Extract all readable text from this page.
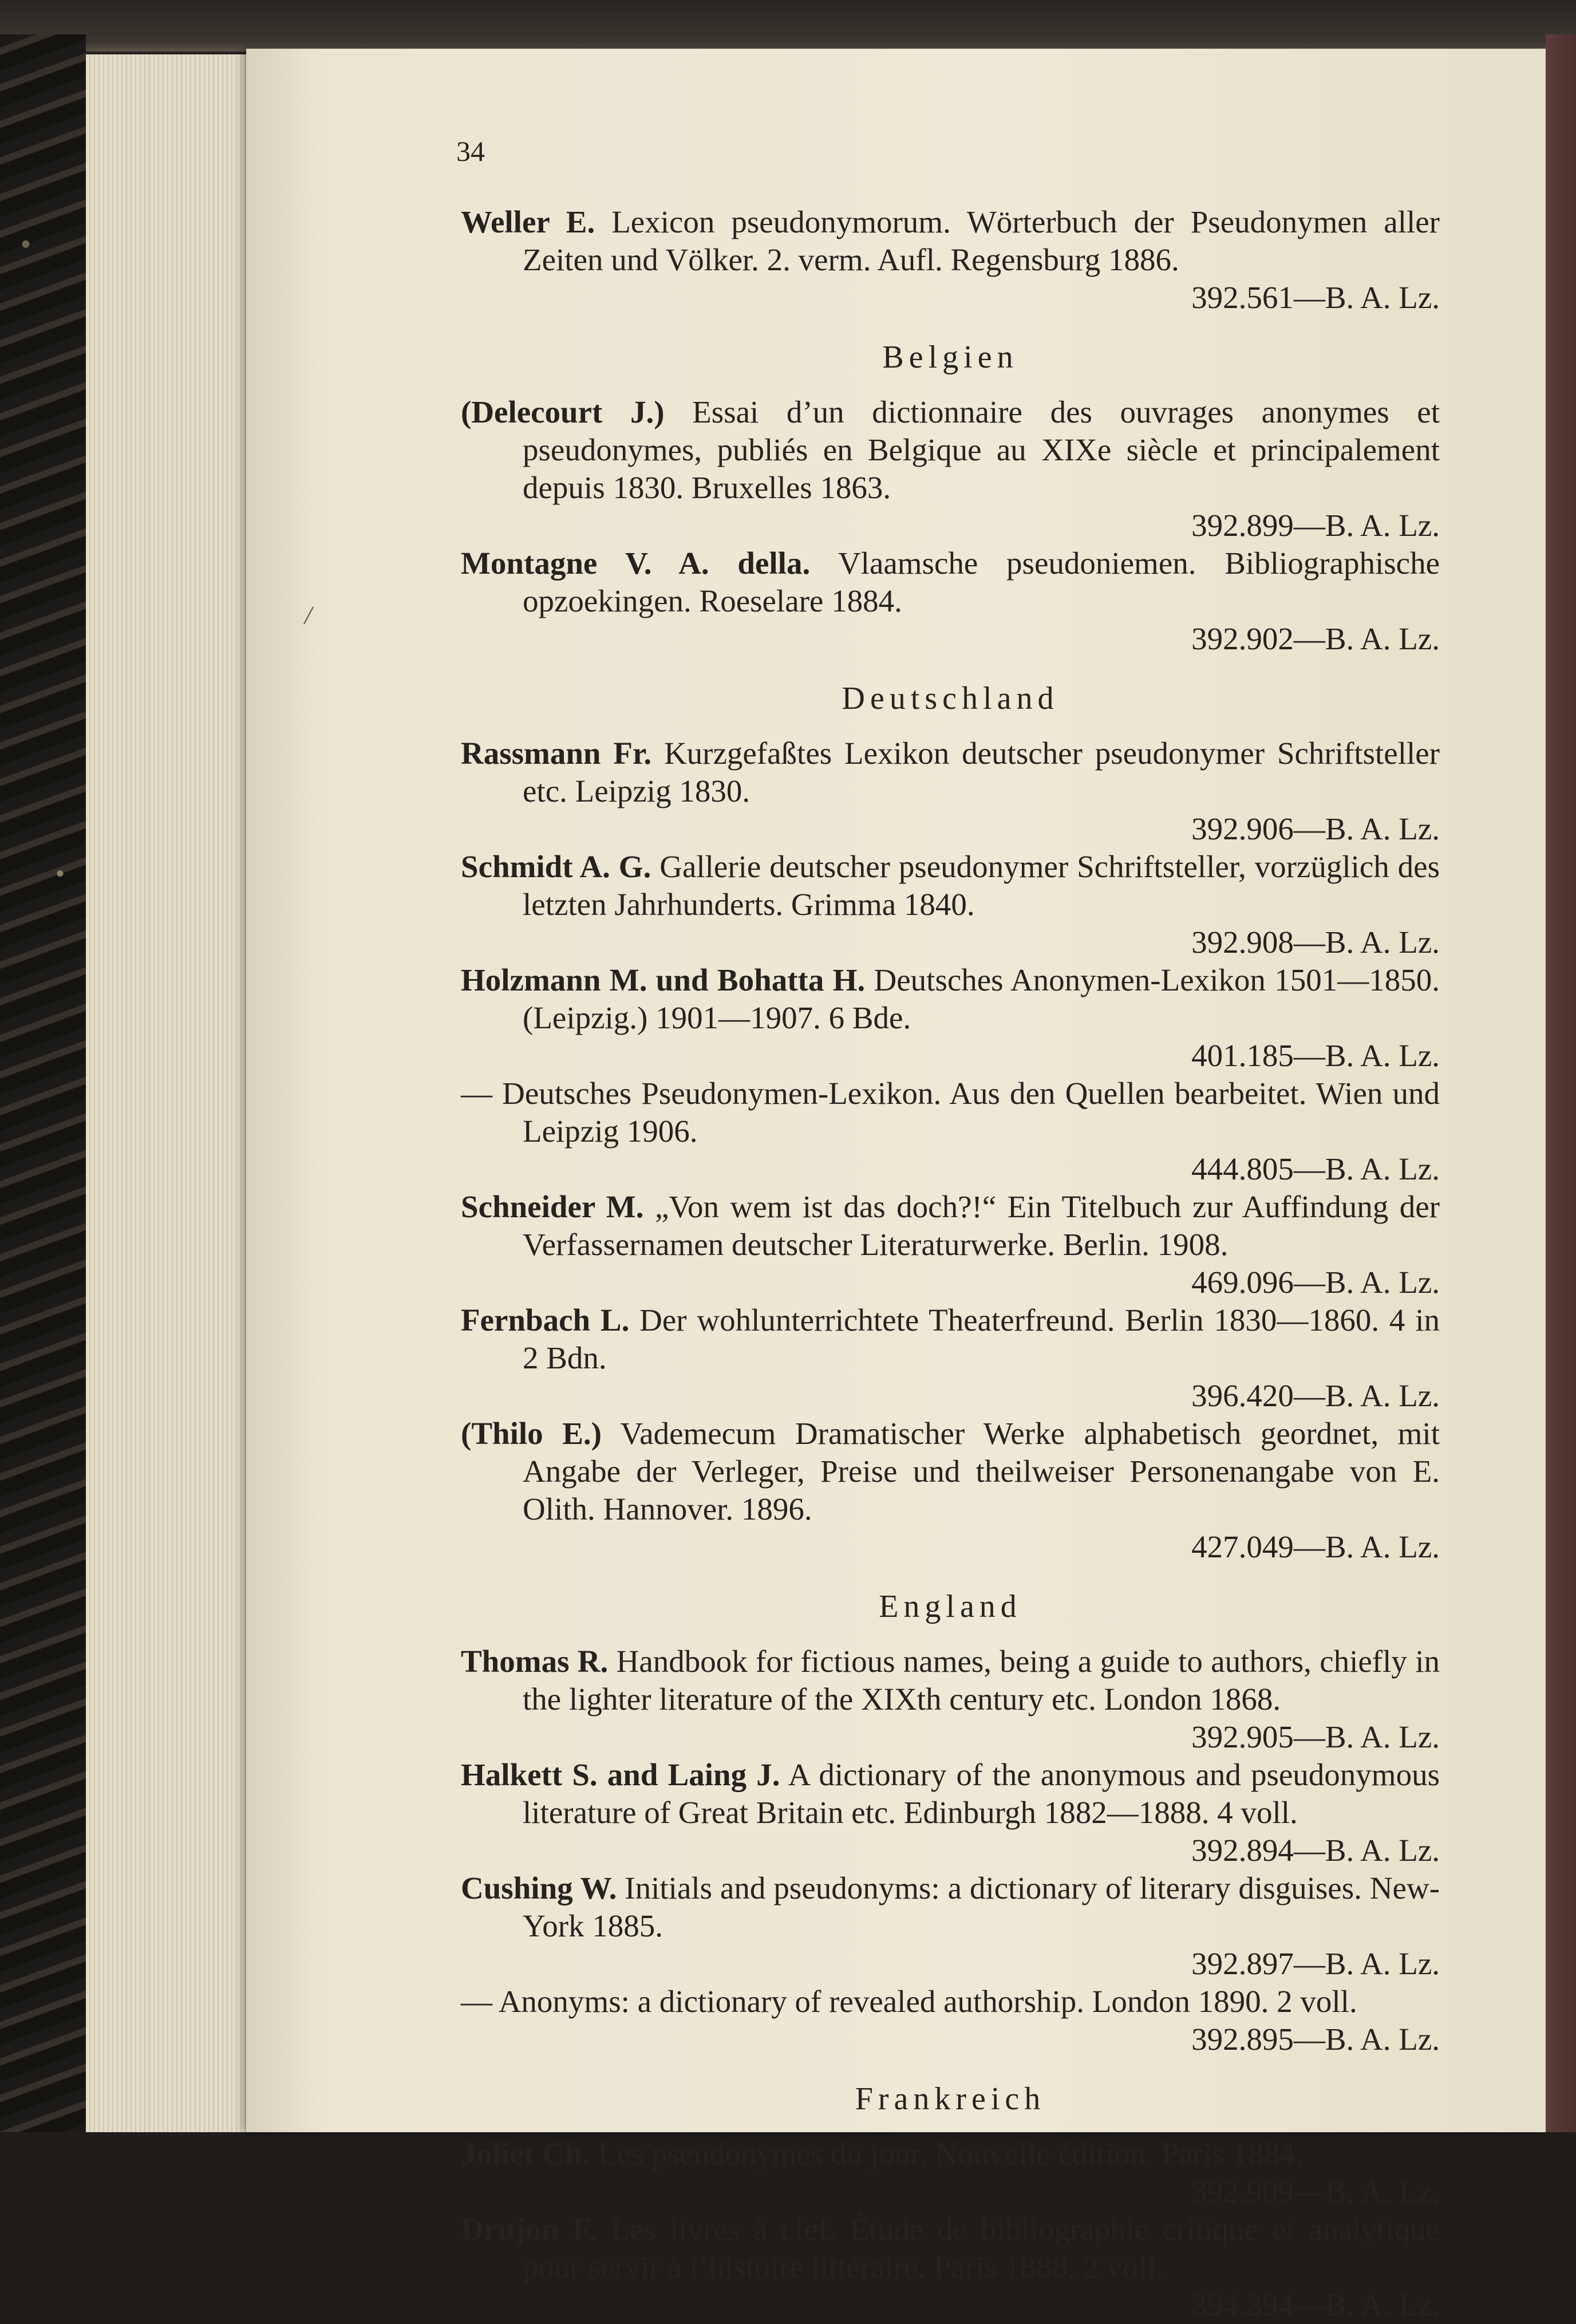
34
Weller E. Lexicon pseudonymorum. Wörterbuch der Pseudonymen aller Zeiten und Völker. 2. verm. Aufl. Regensburg 1886.
392.561—B. A. Lz.
Belgien
(Delecourt J.) Essai d’un dictionnaire des ouvrages anonymes et pseudonymes, publiés en Belgique au XIXe siècle et principalement depuis 1830. Bruxelles 1863.
392.899—B. A. Lz.
Montagne V. A. della. Vlaamsche pseudoniemen. Bibliographische opzoekingen. Roeselare 1884.
392.902—B. A. Lz.
Deutschland
Rassmann Fr. Kurzgefaßtes Lexikon deutscher pseudonymer Schriftsteller etc. Leipzig 1830.
392.906—B. A. Lz.
Schmidt A. G. Gallerie deutscher pseudonymer Schriftsteller, vorzüglich des letzten Jahrhunderts. Grimma 1840.
392.908—B. A. Lz.
Holzmann M. und Bohatta H. Deutsches Anonymen-Lexikon 1501—1850. (Leipzig.) 1901—1907. 6 Bde.
401.185—B. A. Lz.
— Deutsches Pseudonymen-Lexikon. Aus den Quellen bearbeitet. Wien und Leipzig 1906.
444.805—B. A. Lz.
Schneider M. „Von wem ist das doch?!“ Ein Titelbuch zur Auffindung der Verfassernamen deutscher Literaturwerke. Berlin. 1908.
469.096—B. A. Lz.
Fernbach L. Der wohlunterrichtete Theaterfreund. Berlin 1830—1860. 4 in 2 Bdn.
396.420—B. A. Lz.
(Thilo E.) Vademecum Dramatischer Werke alphabetisch geordnet, mit Angabe der Verleger, Preise und theilweiser Personenangabe von E. Olith. Hannover. 1896.
427.049—B. A. Lz.
England
Thomas R. Handbook for fictious names, being a guide to authors, chiefly in the lighter literature of the XIXth century etc. London 1868.
392.905—B. A. Lz.
Halkett S. and Laing J. A dictionary of the anonymous and pseudonymous literature of Great Britain etc. Edinburgh 1882—1888. 4 voll.
392.894—B. A. Lz.
Cushing W. Initials and pseudonyms: a dictionary of literary disguises. New-York 1885.
392.897—B. A. Lz.
— Anonyms: a dictionary of revealed authorship. London 1890. 2 voll.
392.895—B. A. Lz.
Frankreich
Joliet Ch. Les pseudonymes du jour. Nouvelle édition. Paris 1884.
392.909—B. A. Lz.
Drujon F. Les livres à clef. Étude de bibliographie critique et analytique pour servir à l’histoire littéraire. Paris 1888. 2 voll.
394.394—B. A. Lz.
